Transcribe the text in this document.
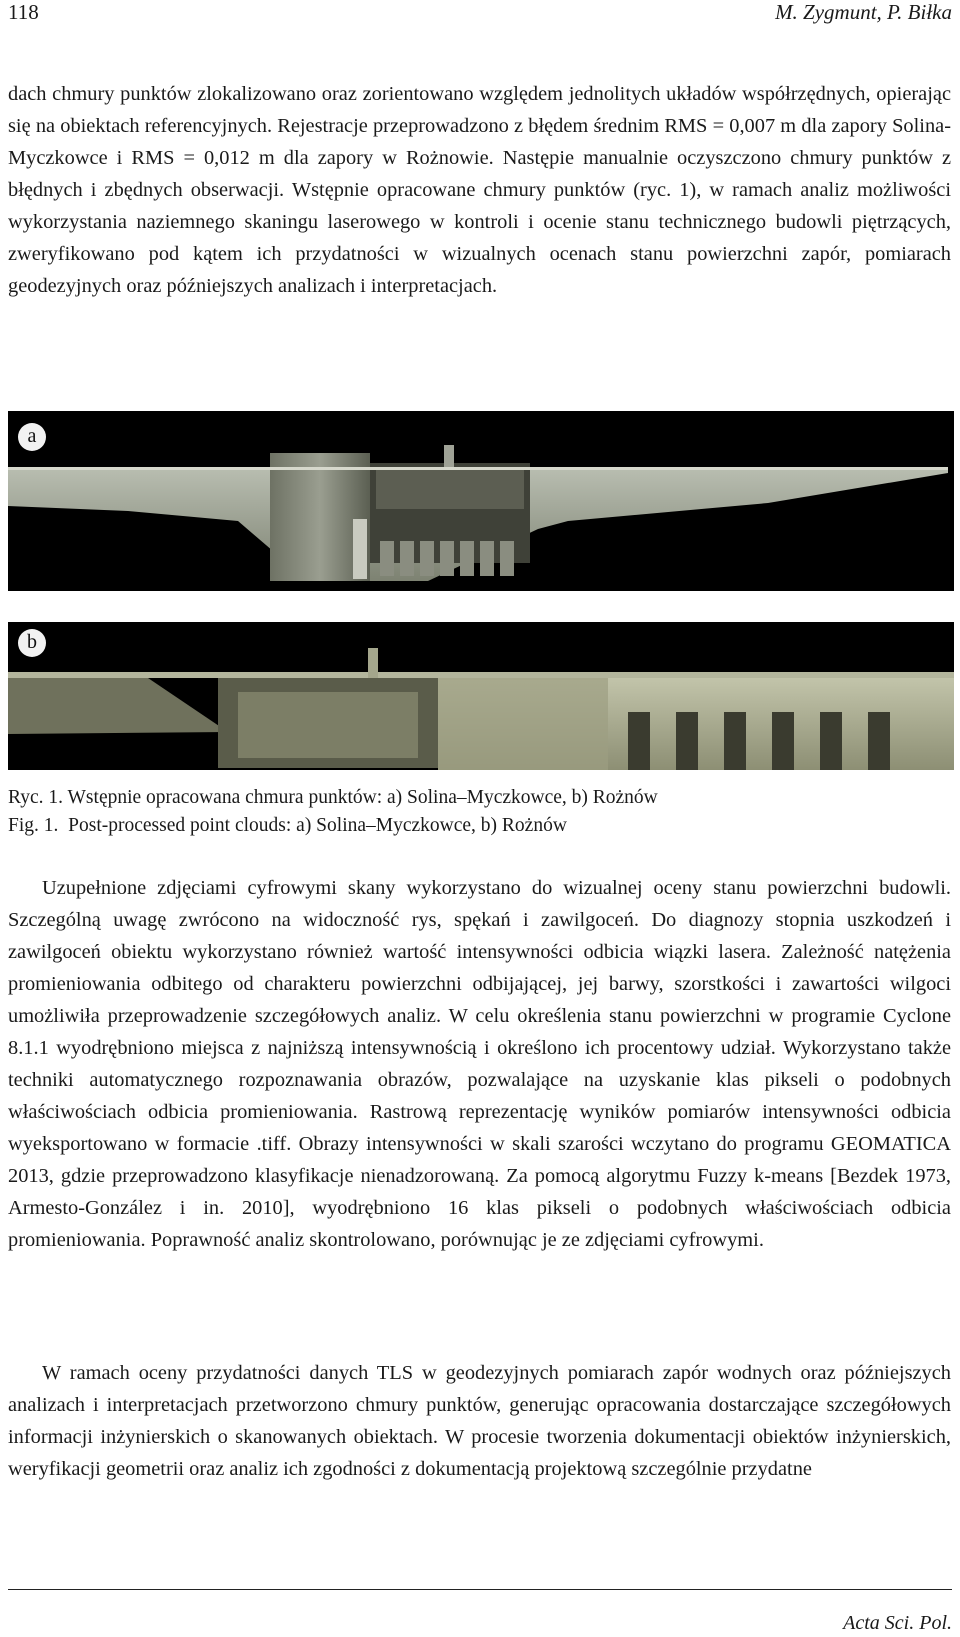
118	M. Zygmunt, P. Biłka

dach chmury punktów zlokalizowano oraz zorientowano względem jednolitych układów współrzędnych, opierając się na obiektach referencyjnych. Rejestracje przeprowadzono z błędem średnim RMS = 0,007 m dla zapory Solina-Myczkowce i RMS = 0,012 m dla zapory w Rożnowie. Następie manualnie oczyszczono chmury punktów z błędnych i zbędnych obserwacji. Wstępnie opracowane chmury punktów (ryc. 1), w ramach analiz możliwości wykorzystania naziemnego skaningu laserowego w kontroli i ocenie stanu technicznego budowli piętrzących, zweryfikowano pod kątem ich przydatności w wizualnych ocenach stanu powierzchni zapór, pomiarach geodezyjnych oraz późniejszych analizach i interpretacjach.

a
b

Ryc. 1. Wstępnie opracowana chmura punktów: a) Solina–Myczkowce, b) Rożnów

Fig. 1.  Post-processed point clouds: a) Solina–Myczkowce, b) Rożnów

Uzupełnione zdjęciami cyfrowymi skany wykorzystano do wizualnej oceny stanu powierzchni budowli. Szczególną uwagę zwrócono na widoczność rys, spękań i zawilgoceń. Do diagnozy stopnia uszkodzeń i zawilgoceń obiektu wykorzystano również wartość intensywności odbicia wiązki lasera. Zależność natężenia promieniowania odbitego od charakteru powierzchni odbijającej, jej barwy, szorstkości i zawartości wilgoci umożliwiła przeprowadzenie szczegółowych analiz. W celu określenia stanu powierzchni w programie Cyclone 8.1.1 wyodrębniono miejsca z najniższą intensywnością i określono ich procentowy udział. Wykorzystano także techniki automatycznego rozpoznawania obrazów, pozwalające na uzyskanie klas pikseli o podobnych właściwościach odbicia promieniowania. Rastrową reprezentację wyników pomiarów intensywności odbicia wyeksportowano w formacie .tiff. Obrazy intensywności w skali szarości wczytano do programu GEOMATICA 2013, gdzie przeprowadzono klasyfikacje nienadzorowaną. Za pomocą algorytmu Fuzzy k-means [Bezdek 1973, Armesto-González i in. 2010], wyodrębniono 16 klas pikseli o podobnych właściwościach odbicia promieniowania. Poprawność analiz skontrolowano, porównując je ze zdjęciami cyfrowymi.

W ramach oceny przydatności danych TLS w geodezyjnych pomiarach zapór wodnych oraz późniejszych analizach i interpretacjach przetworzono chmury punktów, generując opracowania dostarczające szczegółowych informacji inżynierskich o skanowanych obiektach. W procesie tworzenia dokumentacji obiektów inżynierskich, weryfikacji geometrii oraz analiz ich zgodności z dokumentacją projektową szczególnie przydatne

Acta Sci. Pol.
